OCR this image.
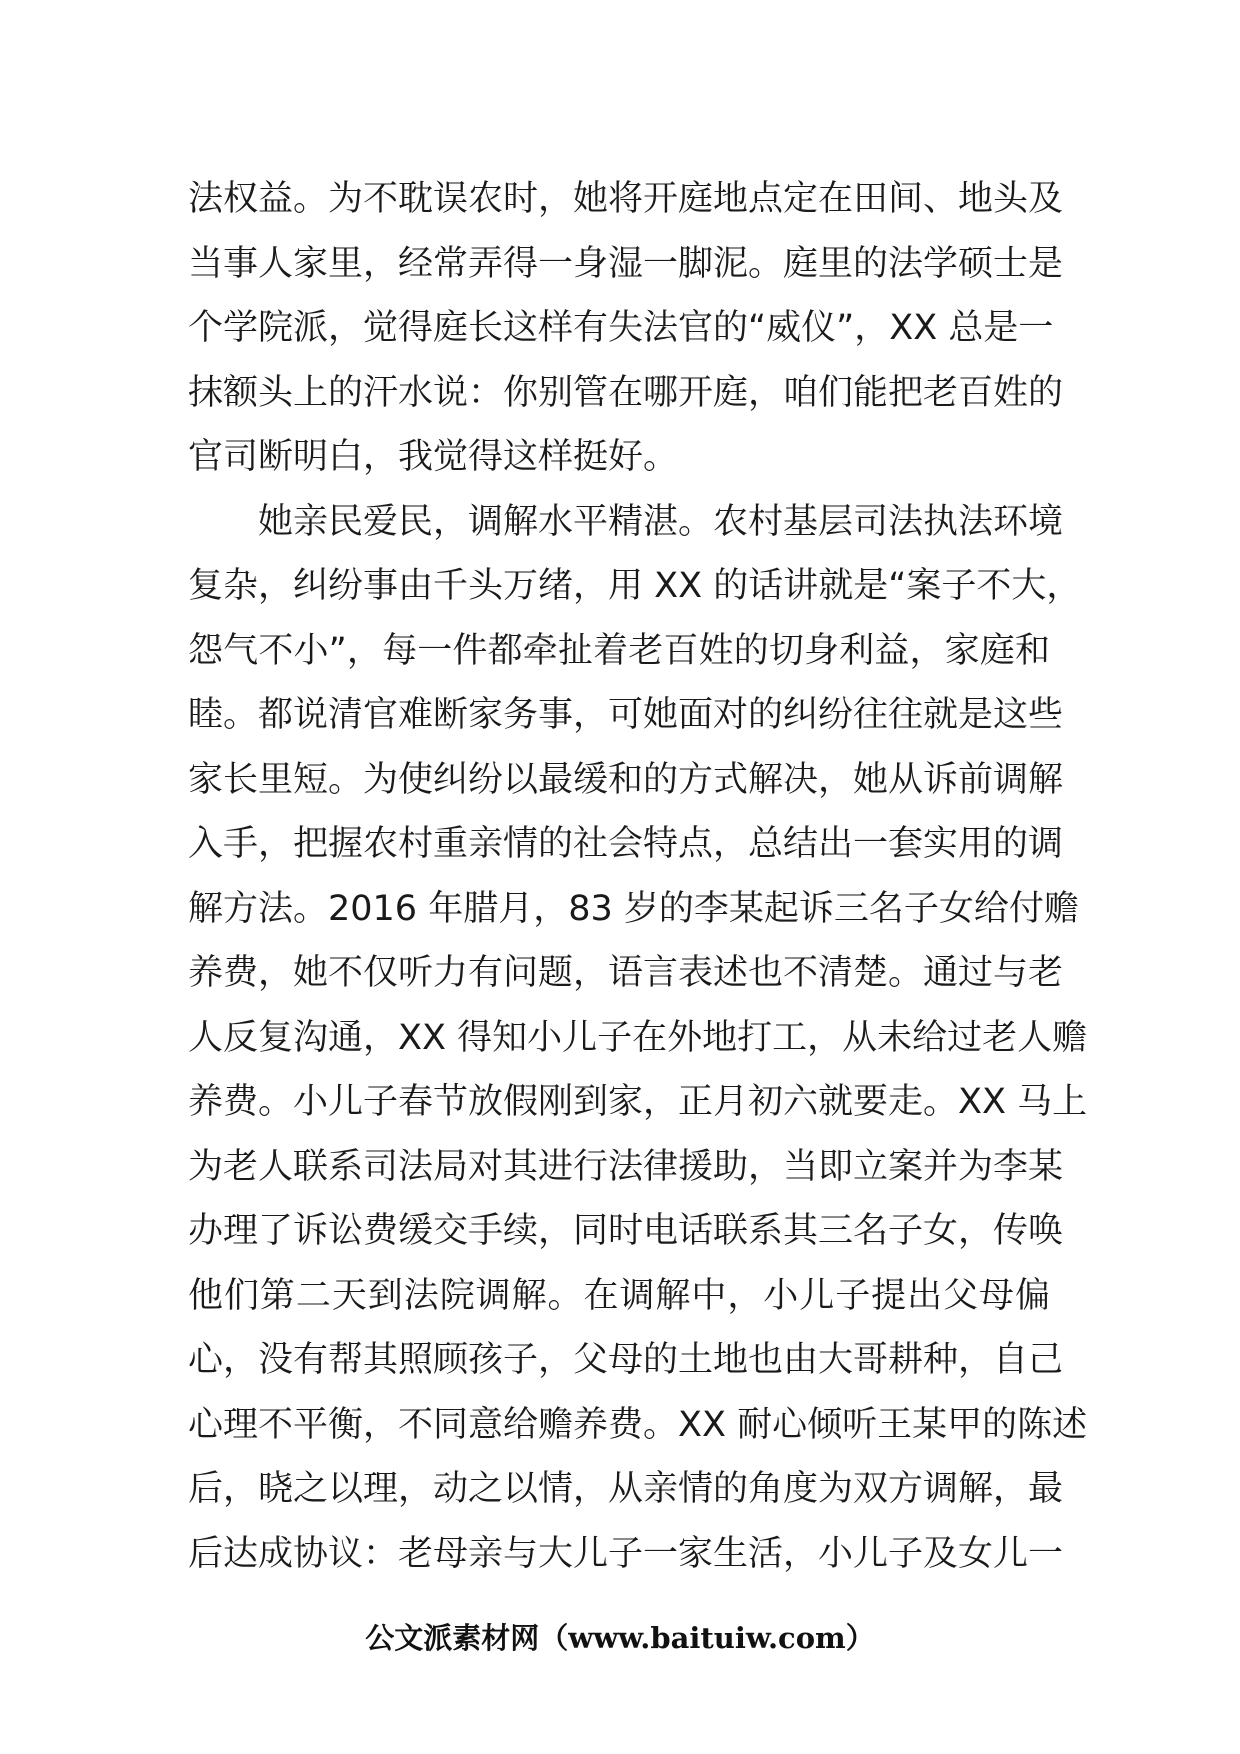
法权益。为不耽误农时，她将开庭地点定在田间、地头及
当事人家里，经常弄得一身湿一脚泥。庭里的法学硕士是
个学院派，觉得庭长这样有失法官的“威仪”，XX 总是一
抹额头上的汗水说：你别管在哪开庭，咱们能把老百姓的
官司断明白，我觉得这样挺好。
　　她亲民爱民，调解水平精湛。农村基层司法执法环境
复杂，纠纷事由千头万绪，用 XX 的话讲就是“案子不大，
怨气不小”，每一件都牵扯着老百姓的切身利益，家庭和
睦。都说清官难断家务事，可她面对的纠纷往往就是这些
家长里短。为使纠纷以最缓和的方式解决，她从诉前调解
入手，把握农村重亲情的社会特点，总结出一套实用的调
解方法。2016 年腊月，83 岁的李某起诉三名子女给付赡
养费，她不仅听力有问题，语言表述也不清楚。通过与老
人反复沟通，XX 得知小儿子在外地打工，从未给过老人赡
养费。小儿子春节放假刚到家，正月初六就要走。XX 马上
为老人联系司法局对其进行法律援助，当即立案并为李某
办理了诉讼费缓交手续，同时电话联系其三名子女，传唤
他们第二天到法院调解。在调解中，小儿子提出父母偏
心，没有帮其照顾孩子，父母的土地也由大哥耕种，自己
心理不平衡，不同意给赡养费。XX 耐心倾听王某甲的陈述
后，晓之以理，动之以情，从亲情的角度为双方调解，最
后达成协议：老母亲与大儿子一家生活，小儿子及女儿一
公文派素材网（www.baituiw.com）
